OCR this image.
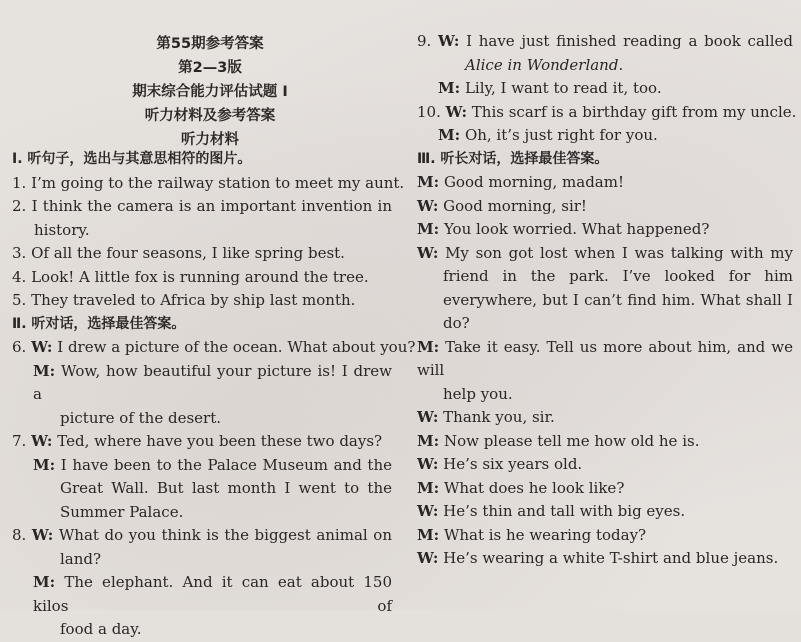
第55期参考答案
第2—3版
期末综合能力评估试题 I
听力材料及参考答案
听力材料
Ⅰ. 听句子，选出与其意思相符的图片。
1. I’m going to the railway station to meet my aunt.
2. I think the camera is an important invention in
history.
3. Of all the four seasons, I like spring best.
4. Look! A little fox is running around the tree.
5. They traveled to Africa by ship last month.
Ⅱ. 听对话，选择最佳答案。
6. W: I drew a picture of the ocean. What about you?
M: Wow, how beautiful your picture is! I drew a
picture of the desert.
7. W: Ted, where have you been these two days?
M: I have been to the Palace Museum and the
Great Wall. But last month I went to the
Summer Palace.
8. W: What do you think is the biggest animal on
land?
M: The elephant. And it can eat about 150 kilos of
food a day.
9. W: I have just finished reading a book called
Alice in Wonderland.
M: Lily, I want to read it, too.
10. W: This scarf is a birthday gift from my uncle.
M: Oh, it’s just right for you.
Ⅲ. 听长对话，选择最佳答案。
M: Good morning, madam!
W: Good morning, sir!
M: You look worried. What happened?
W: My son got lost when I was talking with my
friend in the park. I’ve looked for him
everywhere, but I can’t find him. What shall I
do?
M: Take it easy. Tell us more about him, and we will
help you.
W: Thank you, sir.
M: Now please tell me how old he is.
W: He’s six years old.
M: What does he look like?
W: He’s thin and tall with big eyes.
M: What is he wearing today?
W: He’s wearing a white T-shirt and blue jeans.
